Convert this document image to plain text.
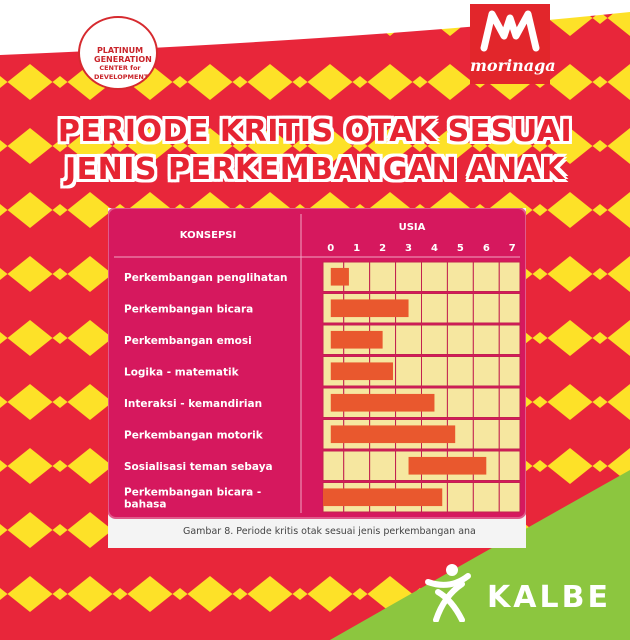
PLATINUM
GENERATION
CENTER for
DEVELOPMENT
morinaga
PERIODE KRITIS OTAK SESUAI
JENIS PERKEMBANGAN ANAK
KONSEPSI
USIA
0 1 2 3 4 5 6 7
Perkembangan penglihatan
Perkembangan bicara
Perkembangan emosi
Logika - matematik
Interaksi - kemandirian
Perkembangan motorik
Sosialisasi teman sebaya
Perkembangan bicara -bahasa
Gambar 8. Periode kritis otak sesuai jenis perkembangan ana
KALBE
